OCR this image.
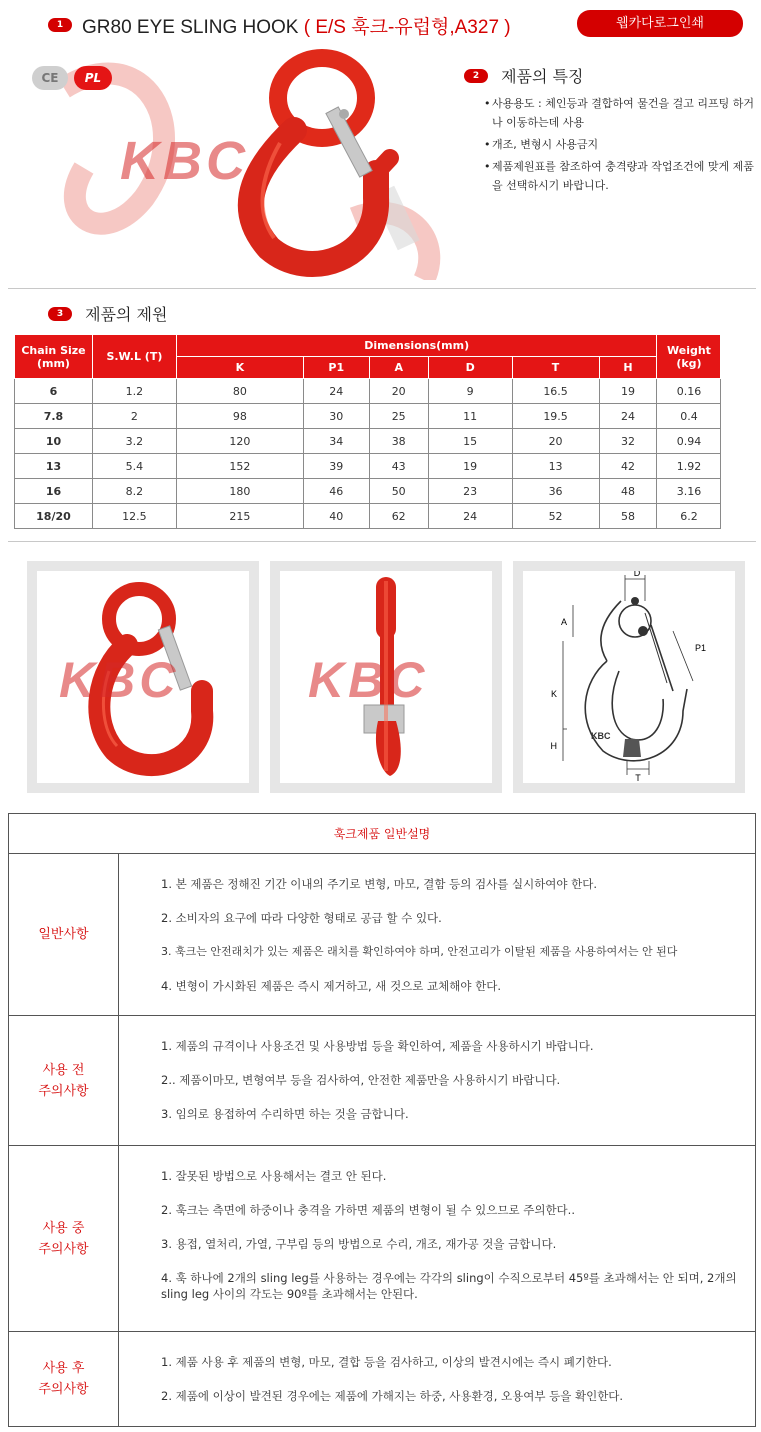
1 GR80 EYE SLING HOOK ( E/S 훅크-유럽형,A327 )	웹카다로그인쇄
CE	PL
KBC
2 제품의 특징
• 사용용도 : 체인등과 결합하여 물건을 걸고 리프팅 하거나 이동하는데 사용
• 개조, 변형시 사용금지
• 제품제원표를 참조하여 충격량과 작업조건에 맞게 제품을 선택하시기 바랍니다.
3 제품의 제원
Chain Size (mm)	S.W.L (T)	Dimensions(mm)						Weight (kg)	
		K	P1	A	D	T	H		
6	1.2	80	24	20	9	16.5	19	0.16	
7.8	2	98	30	25	11	19.5	24	0.4	
10	3.2	120	34	38	15	20	32	0.94	
13	5.4	152	39	43	19	13	42	1.92	
16	8.2	180	46	50	23	36	48	3.16	
18/20	12.5	215	40	62	24	52	58	6.2	
KBC	KBC
KBC
D
A
P1
K
H
T
훅크제품 일반설명
일반사항

1. 본 제품은 정해진 기간 이내의 주기로 변형, 마모, 결함 등의 검사를 실시하여야 한다.

2. 소비자의 요구에 따라 다양한 형태로 공급 할 수 있다.

3. 훅크는 안전래치가 있는 제품은 래치를 확인하여야 하며, 안전고리가 이탈된 제품을 사용하여서는 안 된다

4. 변형이 가시화된 제품은 즉시 제거하고, 새 것으로 교체해야 한다.

사용 전
주의사항

1. 제품의 규격이나 사용조건 및 사용방법 등을 확인하여, 제품을 사용하시기 바랍니다.

2.. 제품이마모, 변형여부 등을 검사하여, 안전한 제품만을 사용하시기 바랍니다.

3. 임의로 용접하여 수리하면 하는 것을 금합니다.

사용 중
주의사항

1. 잘못된 방법으로 사용해서는 결코 안 된다.

2. 훅크는 측면에 하중이나 충격을 가하면 제품의 변형이 될 수 있으므로 주의한다..

3. 용접, 열처리, 가열, 구부림 등의 방법으로 수리, 개조, 재가공 것을 금합니다.

4. 훅 하나에 2개의 sling leg를 사용하는 경우에는 각각의 sling이 수직으로부터 45º를 초과해서는 안 되며, 2개의 sling leg 사이의 각도는 90º를 초과해서는 안된다.

사용 후
주의사항

1. 제품 사용 후 제품의 변형, 마모, 결합 등을 검사하고, 이상의 발견시에는 즉시 폐기한다.

2. 제품에 이상이 발견된 경우에는 제품에 가해지는 하중, 사용환경, 오용여부 등을 확인한다.
